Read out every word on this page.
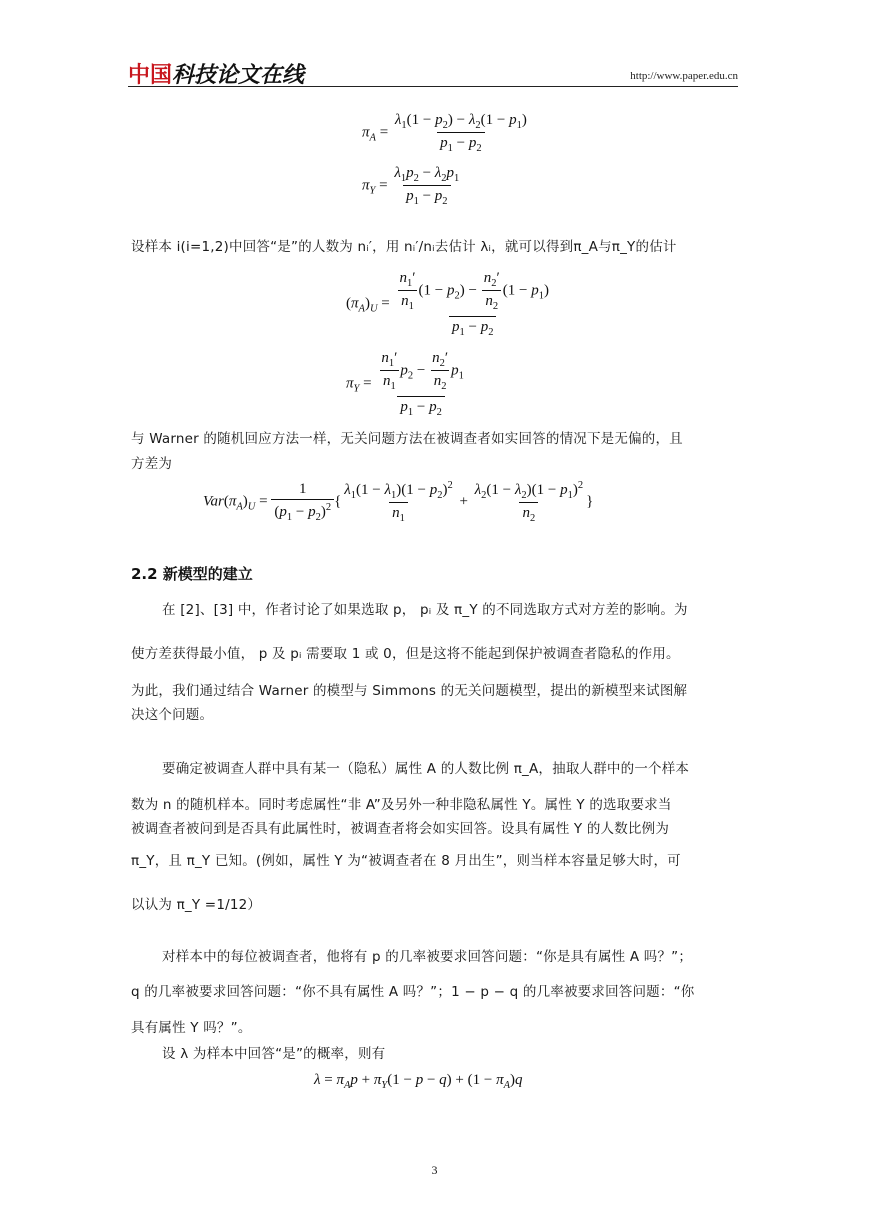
中国科技论文在线	http://www.paper.edu.cn
$\pi_A = \frac{\lambda_1(1 - p_2) - \lambda_2(1 - p_1)}{p_1 - p_2}$
$\pi_Y = \frac{\lambda_1p_2 - \lambda_2p_1}{p_1 - p_2}$
设样本 i(i=1,2)中回答“是”的人数为 nᵢ′，用 nᵢ′/nᵢ去估计 λᵢ，就可以得到π_A与π_Y的估计
$(\pi_A)_U = \frac{\frac{n_1'}{n_1} (1 - p_2) - \frac{n_2'}{n_2} (1 - p_1)}{p_1 - p_2}$
$\pi_Y = \frac{\frac{n_1'}{n_1} p_2 - \frac{n_2'}{n_2} p_1}{p_1 - p_2}$
与 Warner 的随机回应方法一样，无关问题方法在被调查者如实回答的情况下是无偏的，且
方差为
$Var(\pi_A)_U = \frac{1}{(p_1 - p_2)^2}$ { $\frac{\lambda_1(1 - \lambda_1)(1 - p_2)^2}{n_1} + \frac{\lambda_2(1 - \lambda_2)(1 - p_1)^2}{n_2}$ }
2.2 新模型的建立
在 [2]、[3] 中，作者讨论了如果选取 p， pᵢ 及 π_Y 的不同选取方式对方差的影响。为
使方差获得最小值， p 及 pᵢ 需要取 1 或 0，但是这将不能起到保护被调查者隐私的作用。
为此，我们通过结合 Warner 的模型与 Simmons 的无关问题模型，提出的新模型来试图解
决这个问题。
要确定被调查人群中具有某一（隐私）属性 A 的人数比例 π_A，抽取人群中的一个样本
数为 n 的随机样本。同时考虑属性“非 A”及另外一种非隐私属性 Y。属性 Y 的选取要求当
被调查者被问到是否具有此属性时，被调查者将会如实回答。设具有属性 Y 的人数比例为
π_Y，且 π_Y 已知。(例如，属性 Y 为“被调查者在 8 月出生”，则当样本容量足够大时，可
以认为 π_Y =1/12）
对样本中的每位被调查者，他将有 p 的几率被要求回答问题：“你是具有属性 A 吗？”；
q 的几率被要求回答问题：“你不具有属性 A 吗？”；1 − p − q 的几率被要求回答问题：“你
具有属性 Y 吗？”。
设 λ 为样本中回答“是”的概率，则有
$\lambda = \pi_Ap + \pi_Y(1 - p - q) + (1 - \pi_A)q$
3
